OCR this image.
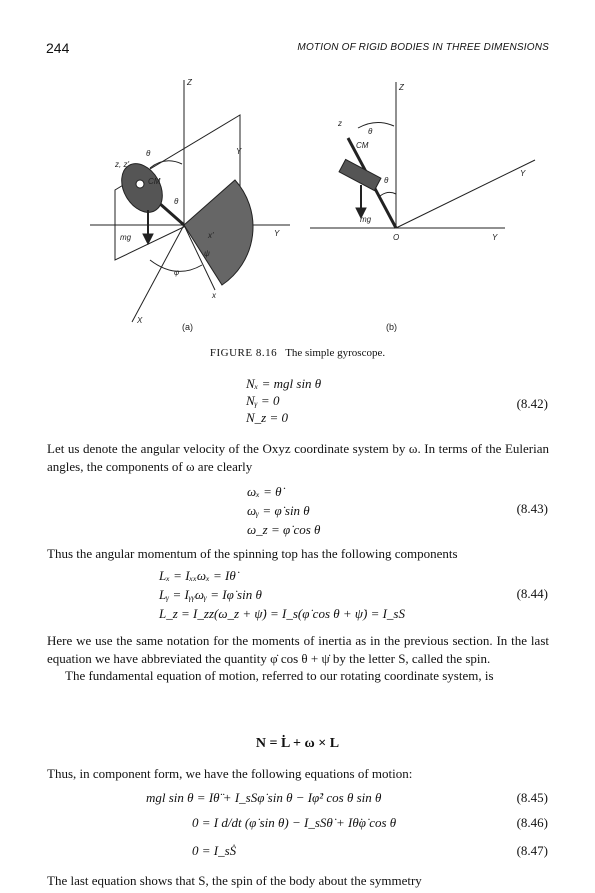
244	MOTION OF RIGID BODIES IN THREE DIMENSIONS
Z
Y
z, z'
θ
CM
mg
θ
x'
ψ
Y
φ
x
X
Z
z
θ
CM
Y
θ
mg
O	Y
(a)	(b)
FIGURE 8.16 The simple gyroscope.
Nₓ = mgl sin θ
Nᵧ = 0
N_z = 0
(8.42)

Let us denote the angular velocity of the Oxyz coordinate system by ω. In terms of the Eulerian angles, the components of ω are clearly

ωₓ = θ̇
ωᵧ = φ̇ sin θ
ω_z = φ̇ cos θ
(8.43)

Thus the angular momentum of the spinning top has the following components

Lₓ = Iₓₓωₓ = Iθ̇
Lᵧ = Iᵧᵧωᵧ = Iφ̇ sin θ
L_z = I_zz(ω_z + ψ̇) = I_s(φ̇ cos θ + ψ̇) = I_sS
(8.44)

Here we use the same notation for the moments of inertia as in the previous section. In the last equation we have abbreviated the quantity φ̇ cos θ + ψ̇ by the letter S, called the spin.

The fundamental equation of motion, referred to our rotating coordinate system, is

N = L̇ + ω × L

Thus, in component form, we have the following equations of motion:

mgl sin θ = Iθ̈ + I_sSφ̇ sin θ − Iφ̇² cos θ sin θ	(8.45)
0 = I d/dt (φ̇ sin θ) − I_sSθ̇ + Iθ̇φ̇ cos θ	(8.46)
0 = I_sṠ	(8.47)

The last equation shows that S, the spin of the body about the symmetry
